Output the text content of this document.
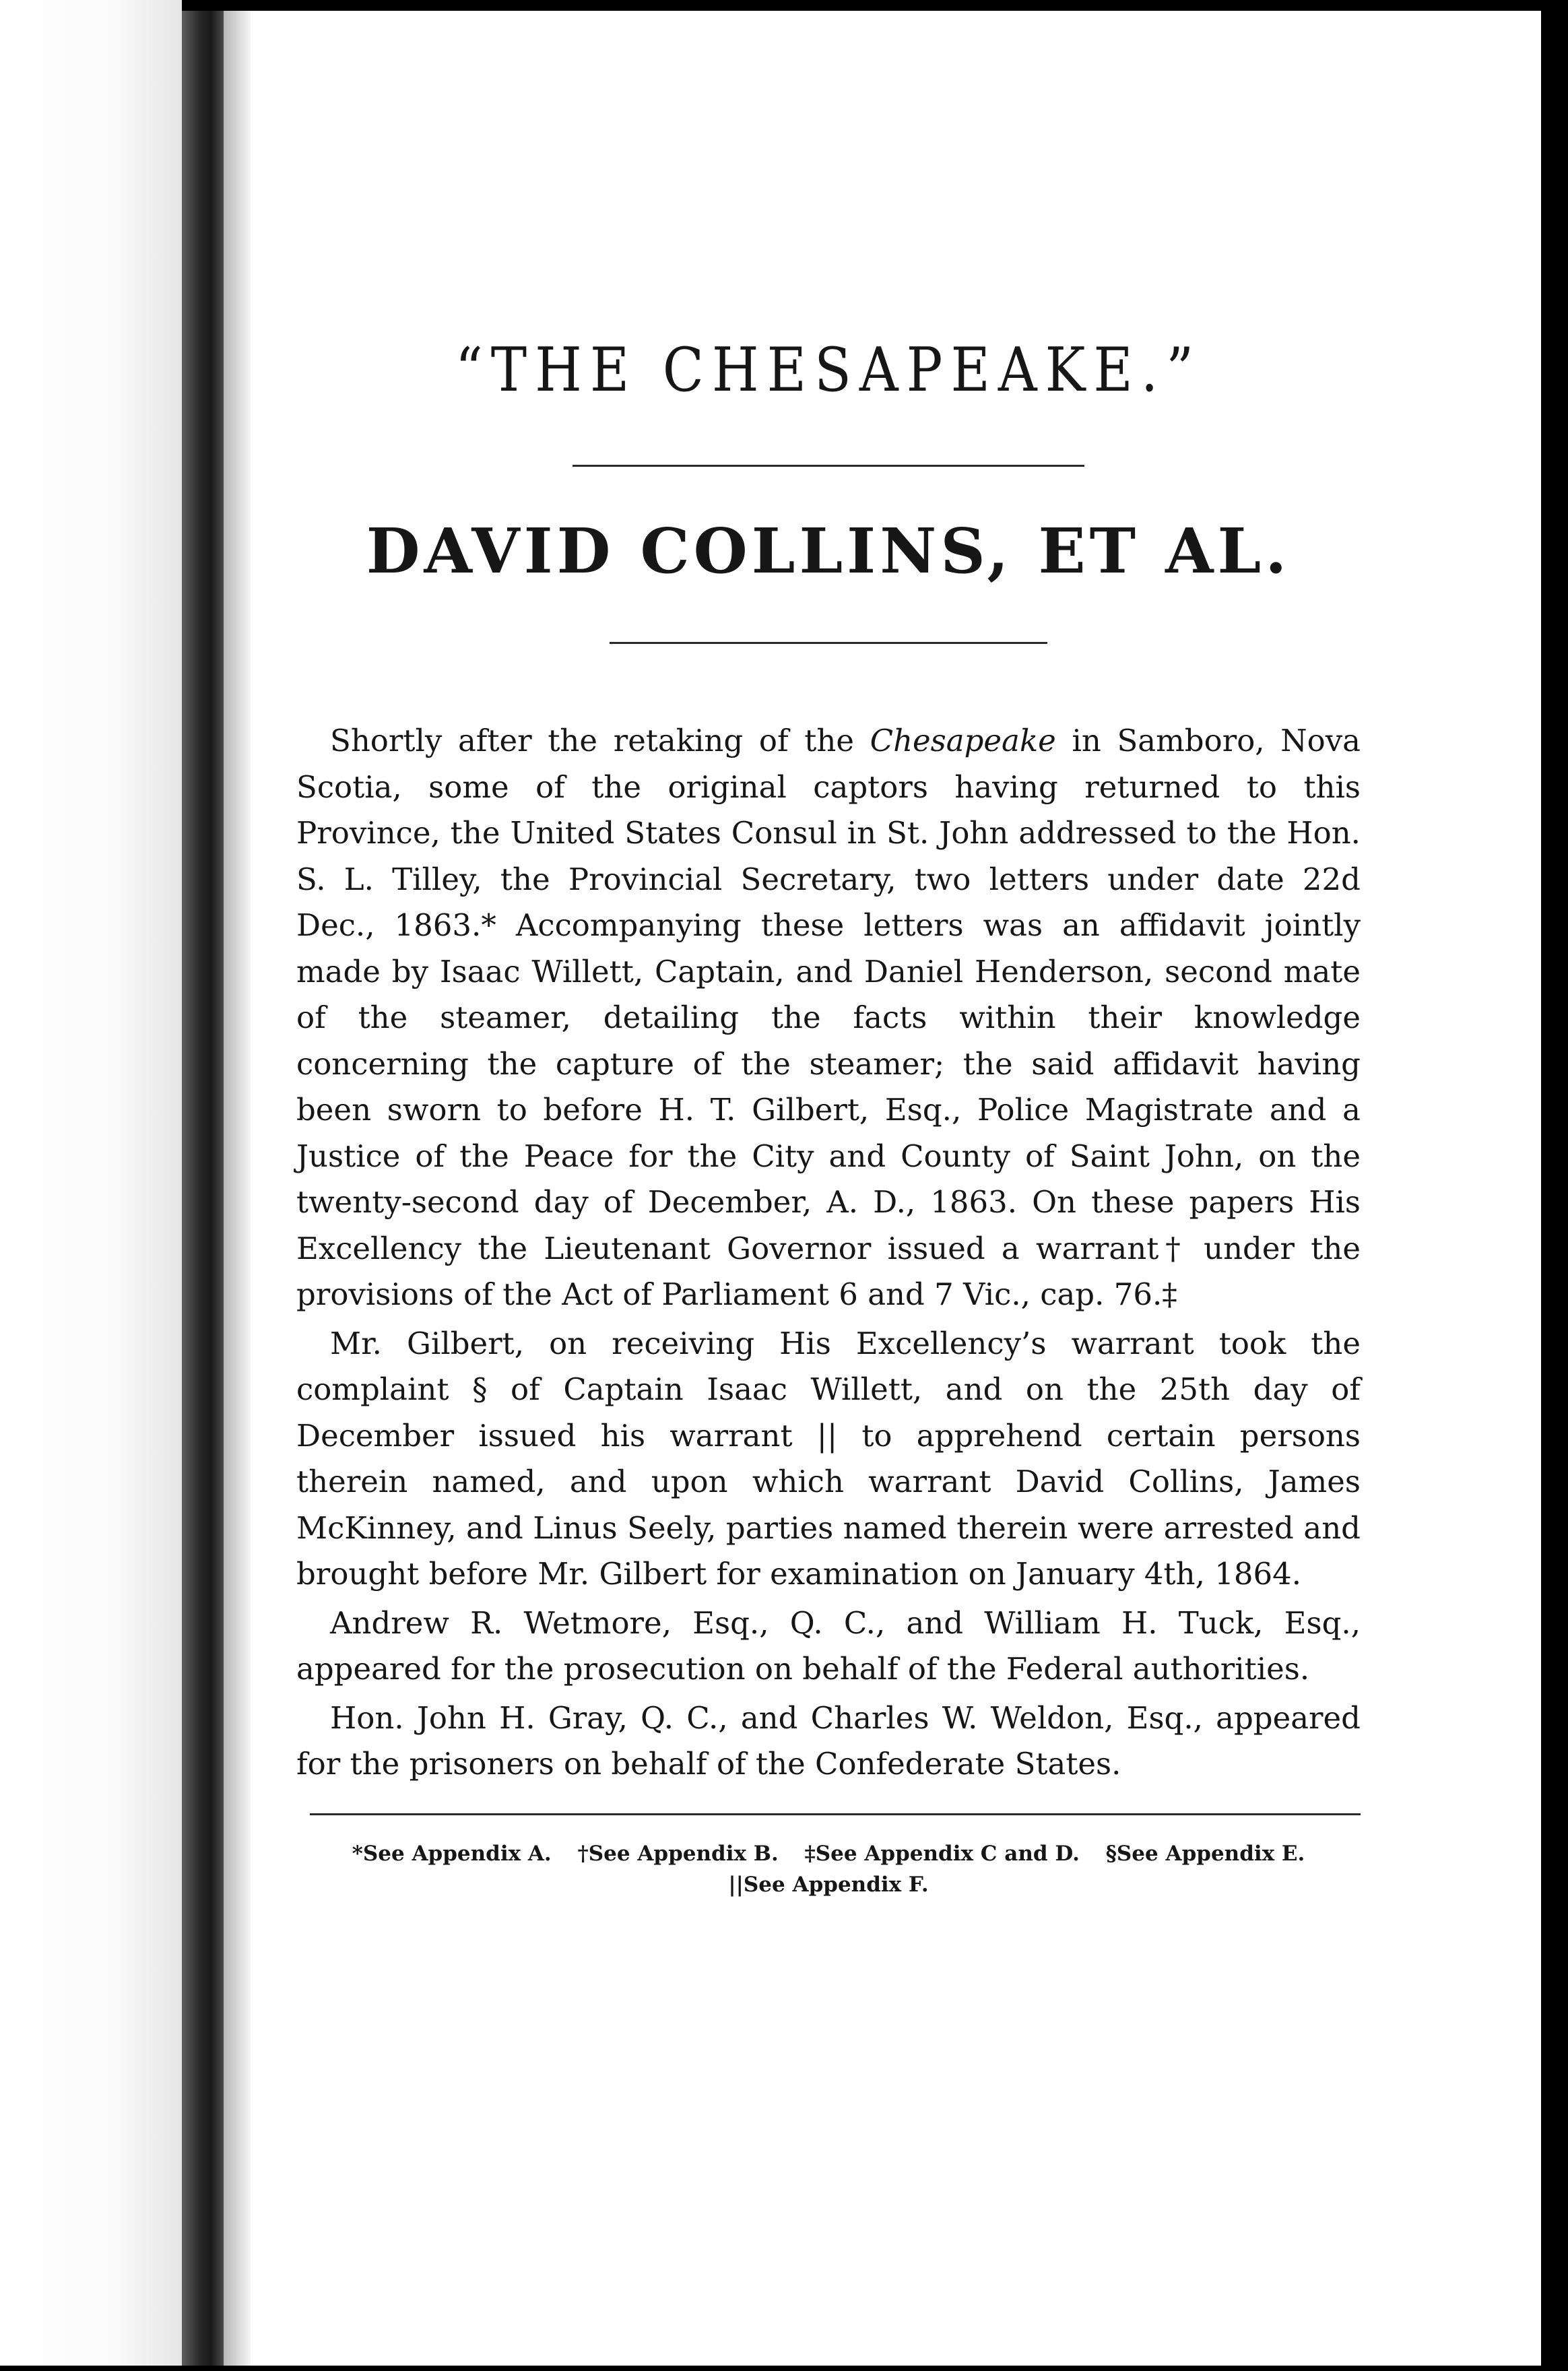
“THE CHESAPEAKE.”
DAVID COLLINS, ET AL.

Shortly after the retaking of the Chesapeake in Samboro, Nova Scotia, some of the original captors having returned to this Province, the United States Consul in St. John addressed to the Hon. S. L. Tilley, the Provincial Secretary, two letters under date 22d Dec., 1863.* Accompanying these letters was an affidavit jointly made by Isaac Willett, Captain, and Daniel Henderson, second mate of the steamer, detailing the facts within their knowledge concerning the capture of the steamer; the said affidavit having been sworn to before H. T. Gilbert, Esq., Police Magistrate and a Justice of the Peace for the City and County of Saint John, on the twenty-second day of December, A. D., 1863. On these papers His Excellency the Lieutenant Governor issued a warrant† under the provisions of the Act of Parliament 6 and 7 Vic., cap. 76.‡

Mr. Gilbert, on receiving His Excellency’s warrant took the complaint § of Captain Isaac Willett, and on the 25th day of December issued his warrant || to apprehend certain persons therein named, and upon which warrant David Collins, James McKinney, and Linus Seely, parties named therein were arrested and brought before Mr. Gilbert for examination on January 4th, 1864.

Andrew R. Wetmore, Esq., Q. C., and William H. Tuck, Esq., appeared for the prosecution on behalf of the Federal authorities.

Hon. John H. Gray, Q. C., and Charles W. Weldon, Esq., appeared for the prisoners on behalf of the Confederate States.

*See Appendix A. †See Appendix B. ‡See Appendix C and D. §See Appendix E.
||See Appendix F.
